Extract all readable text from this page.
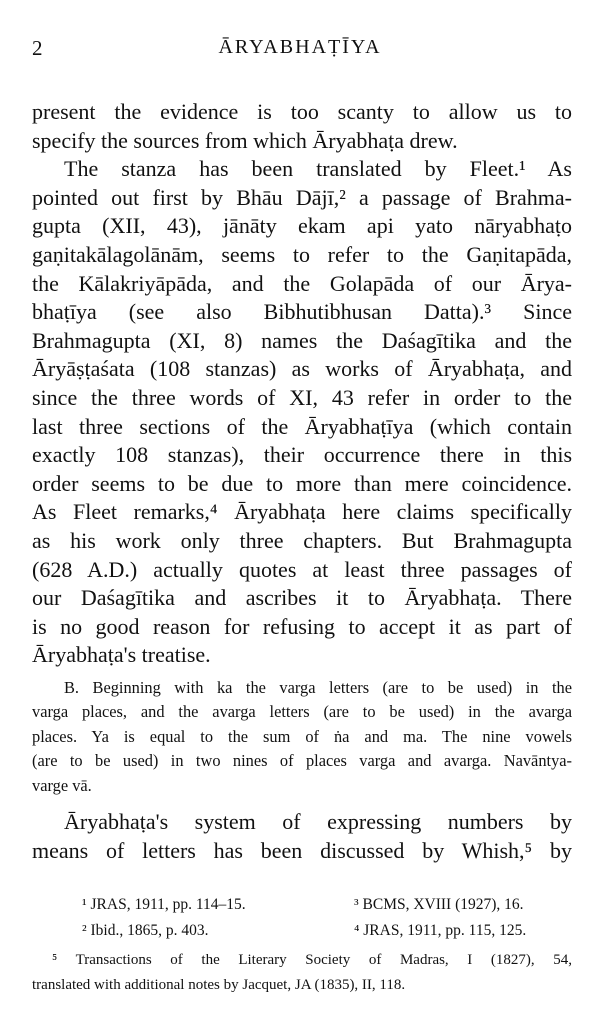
2	ĀRYABHAṬĪYA
present the evidence is too scanty to allow us to
specify the sources from which Āryabhaṭa drew.
The stanza has been translated by Fleet.¹ As
pointed out first by Bhāu Dājī,² a passage of Brahma-
gupta (XII, 43), jānāty ekam api yato nāryabhaṭo
gaṇitakālagolānām, seems to refer to the Gaṇitapāda,
the Kālakriyāpāda, and the Golapāda of our Ārya-
bhaṭīya (see also Bibhutibhusan Datta).³ Since
Brahmagupta (XI, 8) names the Daśagītika and the
Āryāṣṭaśata (108 stanzas) as works of Āryabhaṭa, and
since the three words of XI, 43 refer in order to the
last three sections of the Āryabhaṭīya (which contain
exactly 108 stanzas), their occurrence there in this
order seems to be due to more than mere coincidence.
As Fleet remarks,⁴ Āryabhaṭa here claims specifically
as his work only three chapters. But Brahmagupta
(628 A.D.) actually quotes at least three passages of
our Daśagītika and ascribes it to Āryabhaṭa. There
is no good reason for refusing to accept it as part of
Āryabhaṭa's treatise.
B. Beginning with ka the varga letters (are to be used) in the
varga places, and the avarga letters (are to be used) in the avarga
places. Ya is equal to the sum of ṅa and ma. The nine vowels
(are to be used) in two nines of places varga and avarga. Navāntya-
varge vā.
Āryabhaṭa's system of expressing numbers by
means of letters has been discussed by Whish,⁵ by
¹ JRAS, 1911, pp. 114–15.	³ BCMS, XVIII (1927), 16.
² Ibid., 1865, p. 403.	⁴ JRAS, 1911, pp. 115, 125.
⁵ Transactions of the Literary Society of Madras, I (1827), 54,
translated with additional notes by Jacquet, JA (1835), II, 118.
